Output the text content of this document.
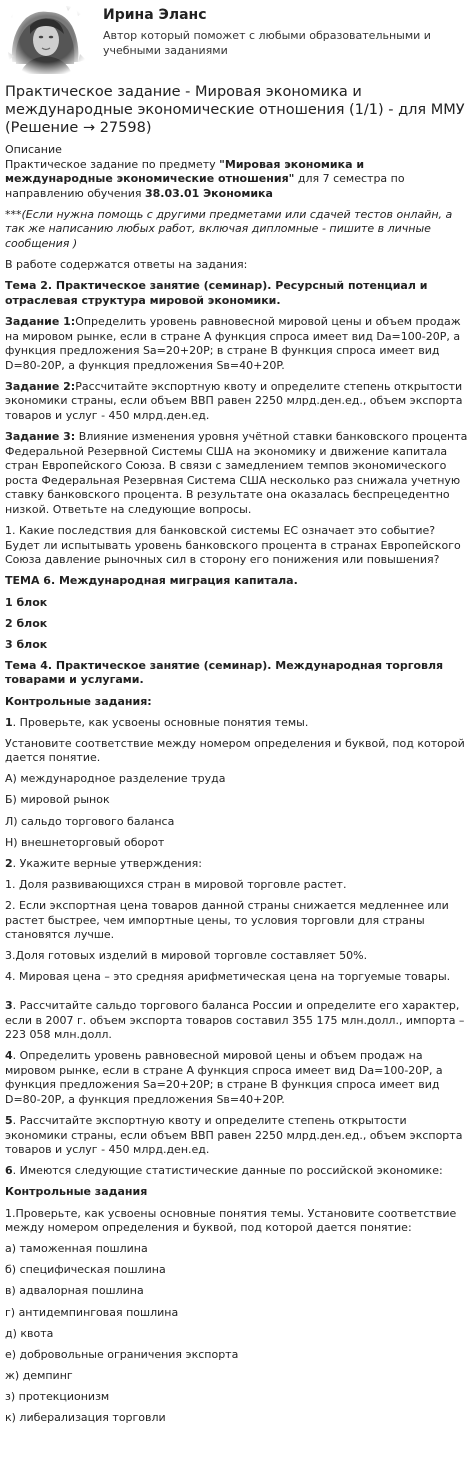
Ирина Эланс
Автор который поможет с любыми образовательными и учебными заданиями
Практическое задание - Мировая экономика и международные экономические отношения (1/1) - для ММУ (Решение → 27598)

Описание

Практическое задание по предмету "Мировая экономика и международные экономические отношения" для 7 семестра по направлению обучения 38.03.01 Экономика

***(Если нужна помощь с другими предметами или сдачей тестов онлайн, а так же написанию любых работ, включая дипломные - пишите в личные сообщения )

В работе содержатся ответы на задания:

Тема 2. Практическое занятие (семинар). Ресурсный потенциал и отраслевая структура мировой экономики.

Задание 1:Определить уровень равновесной мировой цены и объем продаж на мировом рынке, если в стране А функция спроса имеет вид Da=100-20P, а функция предложения Sa=20+20P; в стране В функция спроса имеет вид D=80-20P, а функция предложения Sв=40+20P.

Задание 2:Рассчитайте экспортную квоту и определите степень открытости экономики страны, если объем ВВП равен 2250 млрд.ден.ед., объем экспорта товаров и услуг - 450 млрд.ден.ед.

Задание 3: Влияние изменения уровня учётной ставки банковского процента Федеральной Резервной Системы США на экономику и движение капитала стран Европейского Союза. В связи с замедлением темпов экономического роста Федеральная Резервная Система США несколько раз снижала учетную ставку банковского процента. В результате она оказалась беспрецедентно низкой. Ответьте на следующие вопросы.

1. Какие последствия для банковской системы ЕС означает это событие? Будет ли испытывать уровень банковского процента в странах Европейского Союза давление рыночных сил в сторону его понижения или повышения?

ТЕМА 6. Международная миграция капитала.

1 блок

2 блок

3 блок

Тема 4. Практическое занятие (семинар). Международная торговля товарами и услугами.

Контрольные задания:

1. Проверьте, как усвоены основные понятия темы.

Установите соответствие между номером определения и буквой, под которой дается понятие.

А) международное разделение труда

Б) мировой рынок

Л) сальдо торгового баланса

Н) внешнеторговый оборот

2. Укажите верные утверждения:

1. Доля развивающихся стран в мировой торговле растет.

2. Если экспортная цена товаров данной страны снижается медленнее или растет быстрее, чем импортные цены, то условия торговли для страны становятся лучше.

3.Доля готовых изделий в мировой торговле составляет 50%.

4. Мировая цена – это средняя арифметическая цена на торгуемые товары.

3. Рассчитайте сальдо торгового баланса России и определите его характер, если в 2007 г. объем экспорта товаров составил 355 175 млн.долл., импорта – 223 058 млн.долл.

4. Определить уровень равновесной мировой цены и объем продаж на мировом рынке, если в стране А функция спроса имеет вид Da=100-20P, а функция предложения Sa=20+20P; в стране В функция спроса имеет вид D=80-20P, а функция предложения Sв=40+20P.

5. Рассчитайте экспортную квоту и определите степень открытости экономики страны, если объем ВВП равен 2250 млрд.ден.ед., объем экспорта товаров и услуг - 450 млрд.ден.ед.

6. Имеются следующие статистические данные по российской экономике:

Контрольные задания

1.Проверьте, как усвоены основные понятия темы. Установите соответствие между номером определения и буквой, под которой дается понятие:

а) таможенная пошлина

б) специфическая пошлина

в) адвалорная пошлина

г) антидемпинговая пошлина

д) квота

е) добровольные ограничения экспорта

ж) демпинг

з) протекционизм

к) либерализация торговли
